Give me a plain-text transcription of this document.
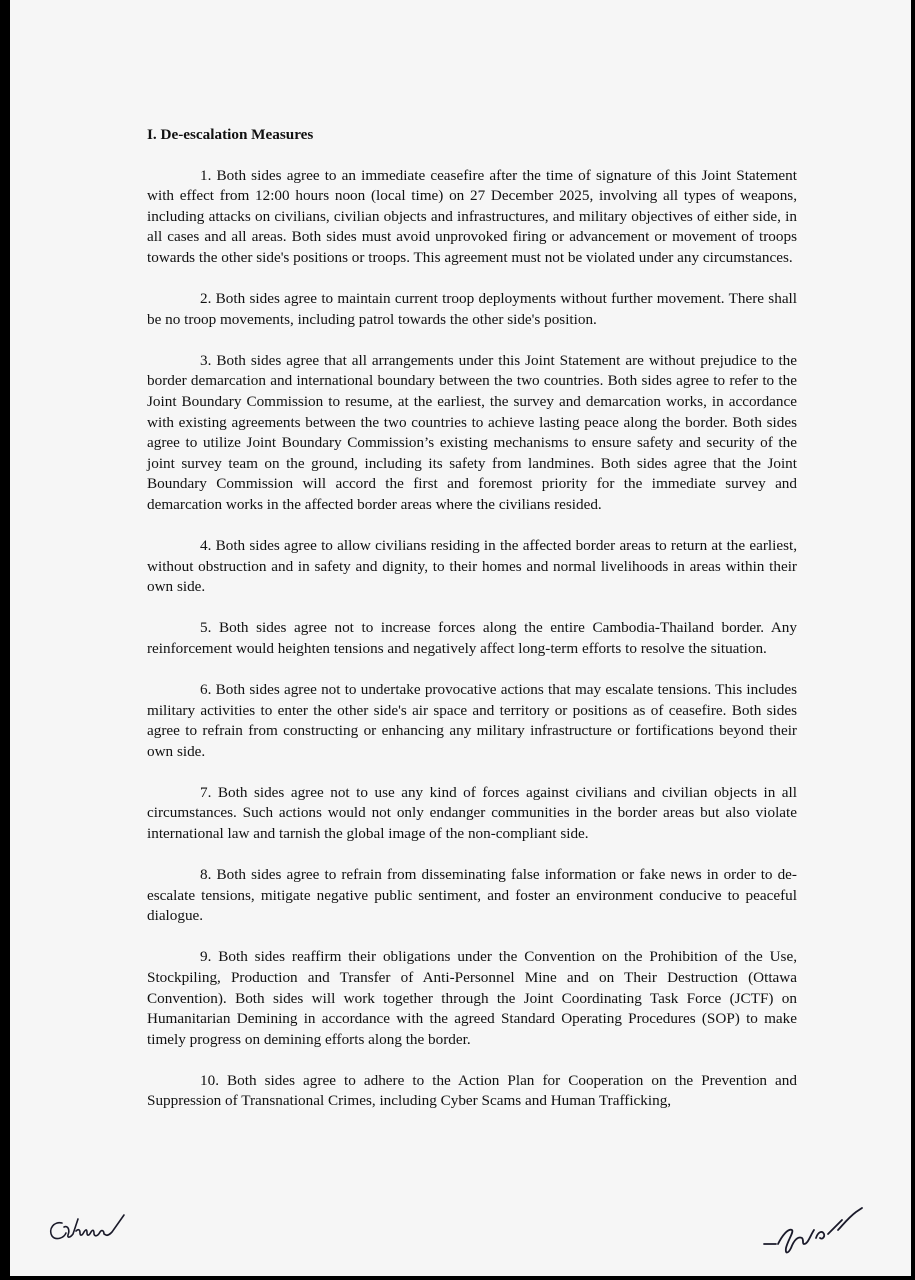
I. De-escalation Measures

1. Both sides agree to an immediate ceasefire after the time of signature of this Joint Statement with effect from 12:00 hours noon (local time) on 27 December 2025, involving all types of weapons, including attacks on civilians, civilian objects and infrastructures, and military objectives of either side, in all cases and all areas. Both sides must avoid unprovoked firing or advancement or movement of troops towards the other side's positions or troops. This agreement must not be violated under any circumstances.

2. Both sides agree to maintain current troop deployments without further movement. There shall be no troop movements, including patrol towards the other side's position.

3. Both sides agree that all arrangements under this Joint Statement are without prejudice to the border demarcation and international boundary between the two countries. Both sides agree to refer to the Joint Boundary Commission to resume, at the earliest, the survey and demarcation works, in accordance with existing agreements between the two countries to achieve lasting peace along the border. Both sides agree to utilize Joint Boundary Commission’s existing mechanisms to ensure safety and security of the joint survey team on the ground, including its safety from landmines. Both sides agree that the Joint Boundary Commission will accord the first and foremost priority for the immediate survey and demarcation works in the affected border areas where the civilians resided.

4. Both sides agree to allow civilians residing in the affected border areas to return at the earliest, without obstruction and in safety and dignity, to their homes and normal livelihoods in areas within their own side.

5. Both sides agree not to increase forces along the entire Cambodia-Thailand border. Any reinforcement would heighten tensions and negatively affect long-term efforts to resolve the situation.

6. Both sides agree not to undertake provocative actions that may escalate tensions. This includes military activities to enter the other side's air space and territory or positions as of ceasefire. Both sides agree to refrain from constructing or enhancing any military infrastructure or fortifications beyond their own side.

7. Both sides agree not to use any kind of forces against civilians and civilian objects in all circumstances. Such actions would not only endanger communities in the border areas but also violate international law and tarnish the global image of the non-compliant side.

8. Both sides agree to refrain from disseminating false information or fake news in order to de-escalate tensions, mitigate negative public sentiment, and foster an environment conducive to peaceful dialogue.

9. Both sides reaffirm their obligations under the Convention on the Prohibition of the Use, Stockpiling, Production and Transfer of Anti-Personnel Mine and on Their Destruction (Ottawa Convention). Both sides will work together through the Joint Coordinating Task Force (JCTF) on Humanitarian Demining in accordance with the agreed Standard Operating Procedures (SOP) to make timely progress on demining efforts along the border.

10. Both sides agree to adhere to the Action Plan for Cooperation on the Prevention and Suppression of Transnational Crimes, including Cyber Scams and Human Trafficking,
